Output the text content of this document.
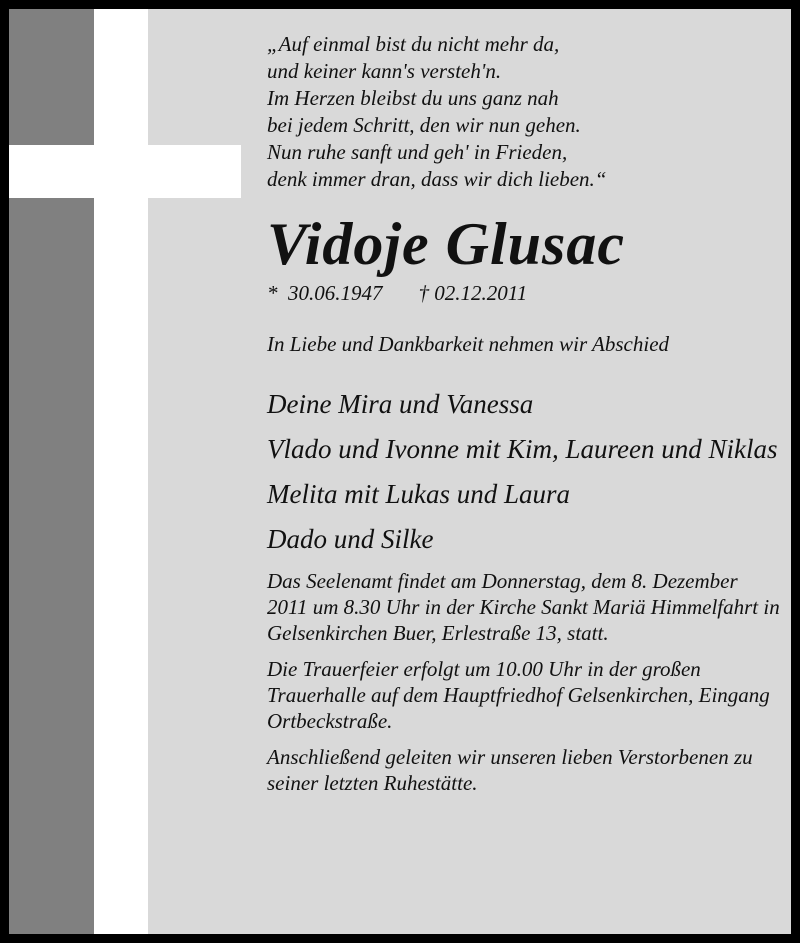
„Auf einmal bist du nicht mehr da,

und keiner kann's versteh'n.

Im Herzen bleibst du uns ganz nah

bei jedem Schritt, den wir nun gehen.

Nun ruhe sanft und geh' in Frieden,

denk immer dran, dass wir dich lieben.“

Vidoje Glusac
*  30.06.1947 † 02.12.2011

In Liebe und Dankbarkeit nehmen wir Abschied

Deine Mira und Vanessa

Vlado und Ivonne mit Kim, Laureen und Niklas

Melita mit Lukas und Laura

Dado und Silke

Das Seelenamt findet am Donnerstag, dem 8. Dezember 2011 um 8.30 Uhr in der Kirche Sankt Mariä Himmelfahrt in Gelsenkirchen Buer, Erlestraße 13, statt.

Die Trauerfeier erfolgt um 10.00 Uhr in der großen Trauerhalle auf dem Hauptfriedhof Gelsenkirchen, Eingang Ortbeckstraße.

Anschließend geleiten wir unseren lieben Verstorbenen zu seiner letzten Ruhestätte.
